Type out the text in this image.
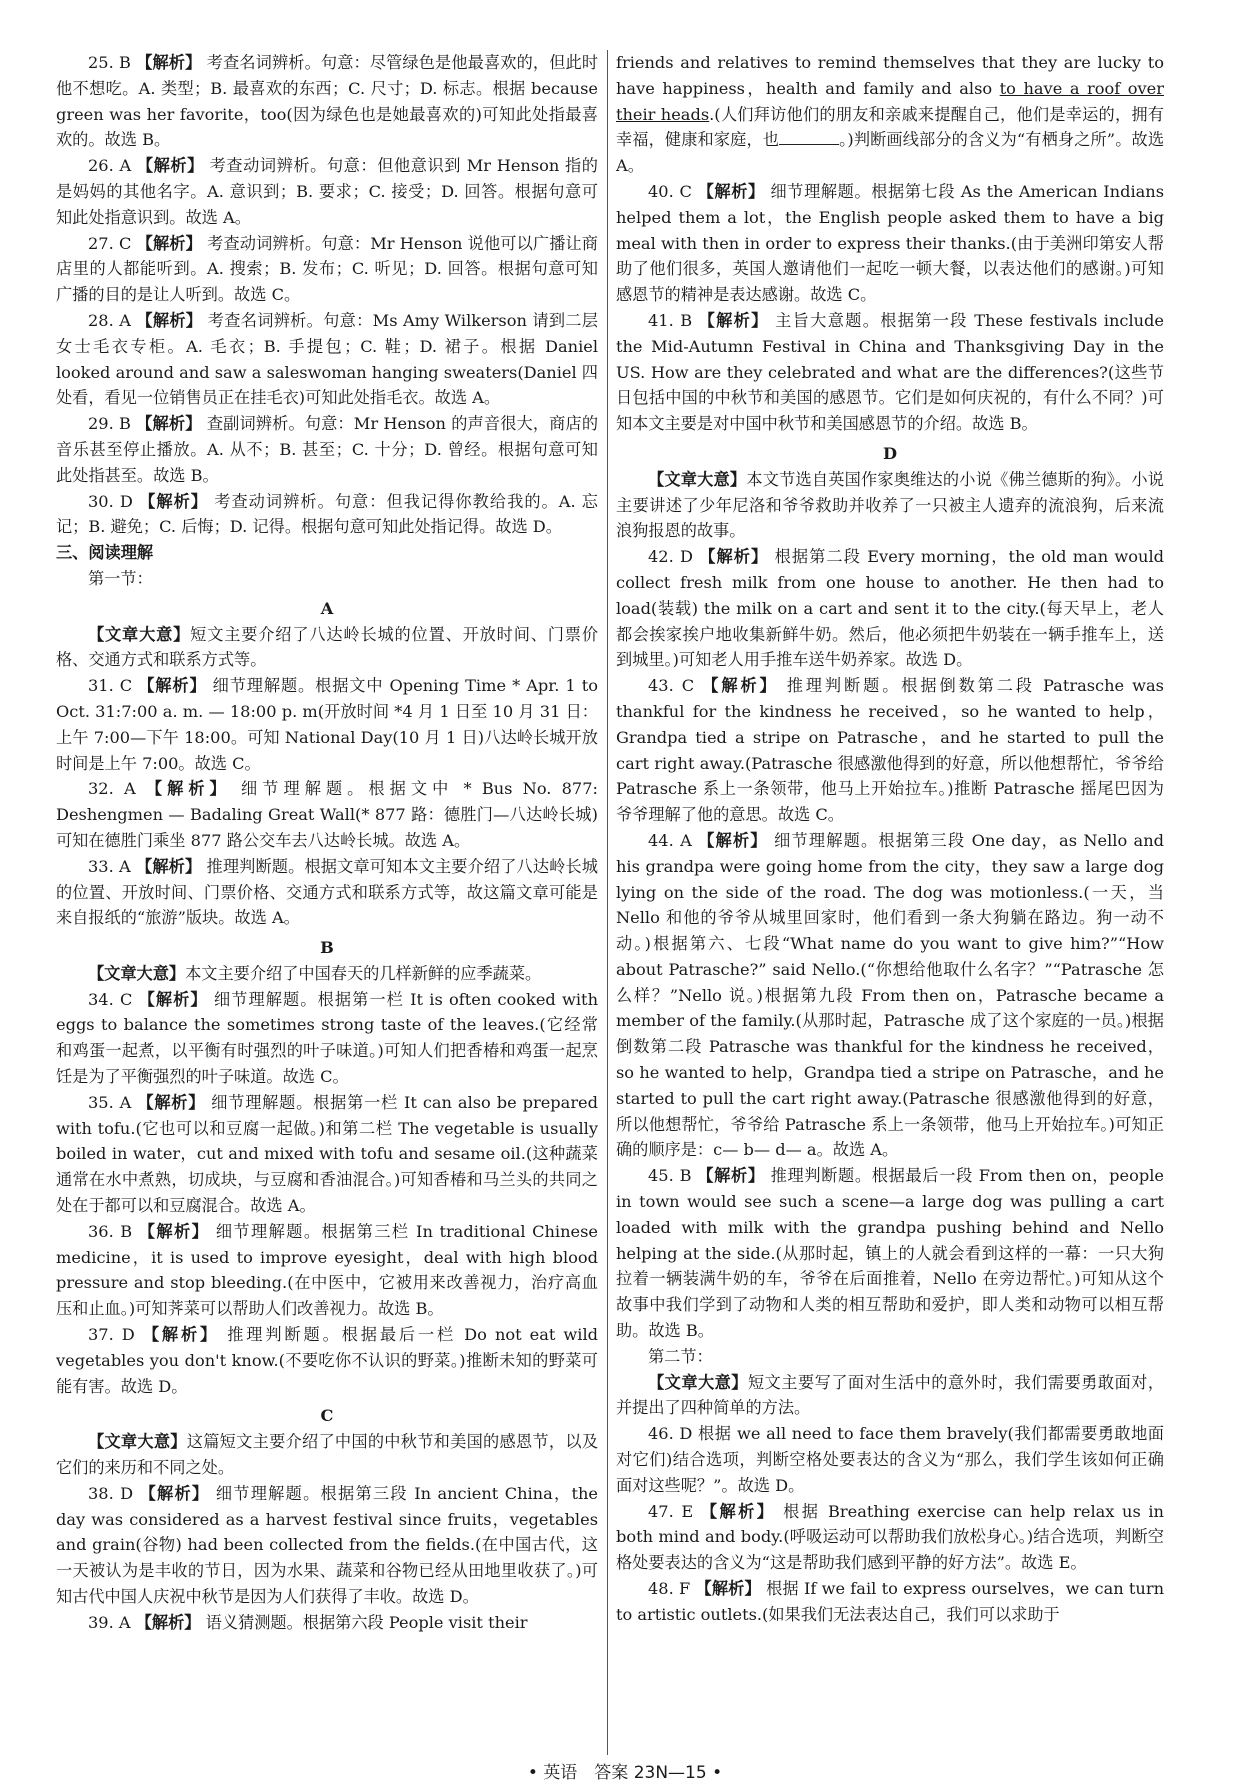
25. B 【解析】 考查名词辨析。句意：尽管绿色是他最喜欢的，但此时他不想吃。A. 类型；B. 最喜欢的东西；C. 尺寸；D. 标志。根据 because green was her favorite，too(因为绿色也是她最喜欢的)可知此处指最喜欢的。故选 B。

26. A 【解析】 考查动词辨析。句意：但他意识到 Mr Henson 指的是妈妈的其他名字。A. 意识到；B. 要求；C. 接受；D. 回答。根据句意可知此处指意识到。故选 A。

27. C 【解析】 考查动词辨析。句意：Mr Henson 说他可以广播让商店里的人都能听到。A. 搜索；B. 发布；C. 听见；D. 回答。根据句意可知广播的目的是让人听到。故选 C。

28. A 【解析】 考查名词辨析。句意：Ms Amy Wilkerson 请到二层女士毛衣专柜。A. 毛衣；B. 手提包；C. 鞋；D. 裙子。根据 Daniel looked around and saw a saleswoman hanging sweaters(Daniel 四处看，看见一位销售员正在挂毛衣)可知此处指毛衣。故选 A。

29. B 【解析】 查副词辨析。句意：Mr Henson 的声音很大，商店的音乐甚至停止播放。A. 从不；B. 甚至；C. 十分；D. 曾经。根据句意可知此处指甚至。故选 B。

30. D 【解析】 考查动词辨析。句意：但我记得你教给我的。A. 忘记；B. 避免；C. 后悔；D. 记得。根据句意可知此处指记得。故选 D。

三、阅读理解

第一节：

A

【文章大意】短文主要介绍了八达岭长城的位置、开放时间、门票价格、交通方式和联系方式等。

31. C 【解析】 细节理解题。根据文中 Opening Time * Apr. 1 to Oct. 31:7:00 a. m. — 18:00 p. m(开放时间 *4 月 1 日至 10 月 31 日：上午 7:00—下午 18:00。可知 National Day(10 月 1 日)八达岭长城开放时间是上午 7:00。故选 C。

32. A 【解析】 细节理解题。根据文中 * Bus No. 877: Deshengmen — Badaling Great Wall(* 877 路：德胜门—八达岭长城)可知在德胜门乘坐 877 路公交车去八达岭长城。故选 A。

33. A 【解析】 推理判断题。根据文章可知本文主要介绍了八达岭长城的位置、开放时间、门票价格、交通方式和联系方式等，故这篇文章可能是来自报纸的“旅游”版块。故选 A。

B

【文章大意】本文主要介绍了中国春天的几样新鲜的应季蔬菜。

34. C 【解析】 细节理解题。根据第一栏 It is often cooked with eggs to balance the sometimes strong taste of the leaves.(它经常和鸡蛋一起煮，以平衡有时强烈的叶子味道。)可知人们把香椿和鸡蛋一起烹饪是为了平衡强烈的叶子味道。故选 C。

35. A 【解析】 细节理解题。根据第一栏 It can also be prepared with tofu.(它也可以和豆腐一起做。)和第二栏 The vegetable is usually boiled in water，cut and mixed with tofu and sesame oil.(这种蔬菜通常在水中煮熟，切成块，与豆腐和香油混合。)可知香椿和马兰头的共同之处在于都可以和豆腐混合。故选 A。

36. B 【解析】 细节理解题。根据第三栏 In traditional Chinese medicine，it is used to improve eyesight，deal with high blood pressure and stop bleeding.(在中医中，它被用来改善视力，治疗高血压和止血。)可知荠菜可以帮助人们改善视力。故选 B。

37. D 【解析】 推理判断题。根据最后一栏 Do not eat wild vegetables you don't know.(不要吃你不认识的野菜。)推断未知的野菜可能有害。故选 D。

C

【文章大意】这篇短文主要介绍了中国的中秋节和美国的感恩节，以及它们的来历和不同之处。

38. D 【解析】 细节理解题。根据第三段 In ancient China，the day was considered as a harvest festival since fruits，vegetables and grain(谷物) had been collected from the fields.(在中国古代，这一天被认为是丰收的节日，因为水果、蔬菜和谷物已经从田地里收获了。)可知古代中国人庆祝中秋节是因为人们获得了丰收。故选 D。

39. A 【解析】 语义猜测题。根据第六段 People visit their

friends and relatives to remind themselves that they are lucky to have happiness，health and family and also to have a roof over their heads.(人们拜访他们的朋友和亲戚来提醒自己，他们是幸运的，拥有幸福，健康和家庭，也	。)判断画线部分的含义为“有栖身之所”。故选 A。

40. C 【解析】 细节理解题。根据第七段 As the American Indians helped them a lot，the English people asked them to have a big meal with then in order to express their thanks.(由于美洲印第安人帮助了他们很多，英国人邀请他们一起吃一顿大餐，以表达他们的感谢。)可知感恩节的精神是表达感谢。故选 C。

41. B 【解析】 主旨大意题。根据第一段 These festivals include the Mid-Autumn Festival in China and Thanksgiving Day in the US. How are they celebrated and what are the differences?(这些节日包括中国的中秋节和美国的感恩节。它们是如何庆祝的，有什么不同？)可知本文主要是对中国中秋节和美国感恩节的介绍。故选 B。

D

【文章大意】本文节选自英国作家奥维达的小说《佛兰德斯的狗》。小说主要讲述了少年尼洛和爷爷救助并收养了一只被主人遗弃的流浪狗，后来流浪狗报恩的故事。

42. D 【解析】 根据第二段 Every morning，the old man would collect fresh milk from one house to another. He then had to load(装载) the milk on a cart and sent it to the city.(每天早上，老人都会挨家挨户地收集新鲜牛奶。然后，他必须把牛奶装在一辆手推车上，送到城里。)可知老人用手推车送牛奶养家。故选 D。

43. C 【解析】 推理判断题。根据倒数第二段 Patrasche was thankful for the kindness he received，so he wanted to help，Grandpa tied a stripe on Patrasche，and he started to pull the cart right away.(Patrasche 很感激他得到的好意，所以他想帮忙，爷爷给 Patrasche 系上一条领带，他马上开始拉车。)推断 Patrasche 摇尾巴因为爷爷理解了他的意思。故选 C。

44. A 【解析】 细节理解题。根据第三段 One day，as Nello and his grandpa were going home from the city，they saw a large dog lying on the side of the road. The dog was motionless.(一天，当 Nello 和他的爷爷从城里回家时，他们看到一条大狗躺在路边。狗一动不动。)根据第六、七段“What name do you want to give him?”“How about Patrasche?” said Nello.(“你想给他取什么名字？”“Patrasche 怎么样？”Nello 说。)根据第九段 From then on，Patrasche became a member of the family.(从那时起，Patrasche 成了这个家庭的一员。)根据倒数第二段 Patrasche was thankful for the kindness he received，so he wanted to help，Grandpa tied a stripe on Patrasche，and he started to pull the cart right away.(Patrasche 很感激他得到的好意，所以他想帮忙，爷爷给 Patrasche 系上一条领带，他马上开始拉车。)可知正确的顺序是：c— b— d— a。故选 A。

45. B 【解析】 推理判断题。根据最后一段 From then on，people in town would see such a scene—a large dog was pulling a cart loaded with milk with the grandpa pushing behind and Nello helping at the side.(从那时起，镇上的人就会看到这样的一幕：一只大狗拉着一辆装满牛奶的车，爷爷在后面推着，Nello 在旁边帮忙。)可知从这个故事中我们学到了动物和人类的相互帮助和爱护，即人类和动物可以相互帮助。故选 B。

第二节：

【文章大意】短文主要写了面对生活中的意外时，我们需要勇敢面对，并提出了四种简单的方法。

46. D 根据 we all need to face them bravely(我们都需要勇敢地面对它们)结合选项，判断空格处要表达的含义为“那么，我们学生该如何正确面对这些呢？”。故选 D。

47. E 【解析】 根据 Breathing exercise can help relax us in both mind and body.(呼吸运动可以帮助我们放松身心。)结合选项，判断空格处要表达的含义为“这是帮助我们感到平静的好方法”。故选 E。

48. F 【解析】 根据 If we fail to express ourselves，we can turn to artistic outlets.(如果我们无法表达自己，我们可以求助于

• 英语　答案 23N—15 •
